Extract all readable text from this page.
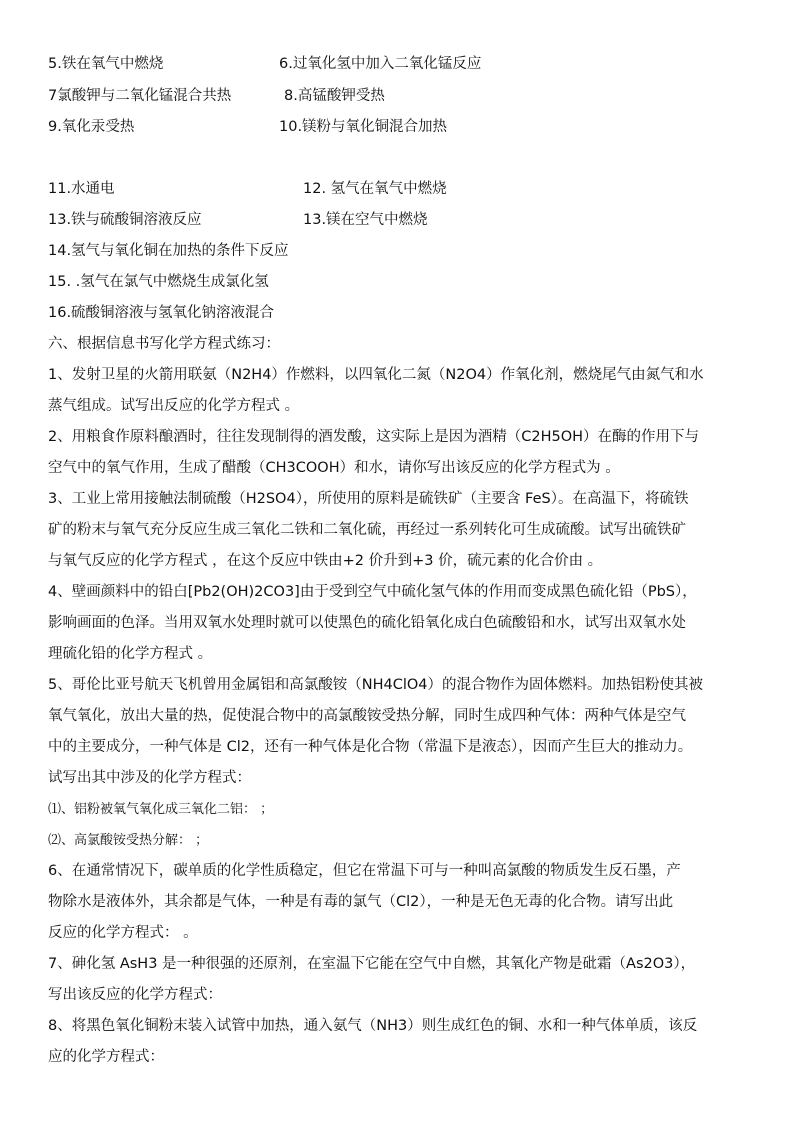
5.铁在氧气中燃烧	6.过氧化氢中加入二氧化锰反应
7氯酸钾与二氧化锰混合共热	8.高锰酸钾受热
9.氧化汞受热	10.镁粉与氧化铜混合加热
11.水通电	12. 氢气在氧气中燃烧
13.铁与硫酸铜溶液反应	13.镁在空气中燃烧
14.氢气与氧化铜在加热的条件下反应
15. .氢气在氯气中燃烧生成氯化氢
16.硫酸铜溶液与氢氧化钠溶液混合
六、根据信息书写化学方程式练习：
1、发射卫星的火箭用联氨（N2H4）作燃料，以四氧化二氮（N2O4）作氧化剂，燃烧尾气由氮气和水
蒸气组成。试写出反应的化学方程式 。
2、用粮食作原料酿酒时，往往发现制得的酒发酸，这实际上是因为酒精（C2H5OH）在酶的作用下与
空气中的氧气作用，生成了醋酸（CH3COOH）和水，请你写出该反应的化学方程式为 。
3、工业上常用接触法制硫酸（H2SO4），所使用的原料是硫铁矿（主要含 FeS）。在高温下，将硫铁
矿的粉末与氧气充分反应生成三氧化二铁和二氧化硫，再经过一系列转化可生成硫酸。试写出硫铁矿
与氧气反应的化学方程式 ，在这个反应中铁由+2 价升到+3 价，硫元素的化合价由 。
4、壁画颜料中的铅白[Pb2(OH)2CO3]由于受到空气中硫化氢气体的作用而变成黑色硫化铅（PbS），
影响画面的色泽。当用双氧水处理时就可以使黑色的硫化铅氧化成白色硫酸铅和水，试写出双氧水处
理硫化铅的化学方程式 。
5、哥伦比亚号航天飞机曾用金属铝和高氯酸铵（NH4ClO4）的混合物作为固体燃料。加热铝粉使其被
氧气氧化，放出大量的热，促使混合物中的高氯酸铵受热分解，同时生成四种气体：两种气体是空气
中的主要成分，一种气体是 Cl2，还有一种气体是化合物（常温下是液态），因而产生巨大的推动力。
试写出其中涉及的化学方程式：
⑴、铝粉被氧气氧化成三氧化二铝： ；
⑵、高氯酸铵受热分解： ；
6、在通常情况下，碳单质的化学性质稳定，但它在常温下可与一种叫高氯酸的物质发生反石墨，产
物除水是液体外，其余都是气体，一种是有毒的氯气（Cl2），一种是无色无毒的化合物。请写出此
反应的化学方程式： 。
7、砷化氢 AsH3 是一种很强的还原剂，在室温下它能在空气中自燃，其氧化产物是砒霜（As2O3），
写出该反应的化学方程式：
8、将黑色氧化铜粉末装入试管中加热，通入氨气（NH3）则生成红色的铜、水和一种气体单质，该反
应的化学方程式：
